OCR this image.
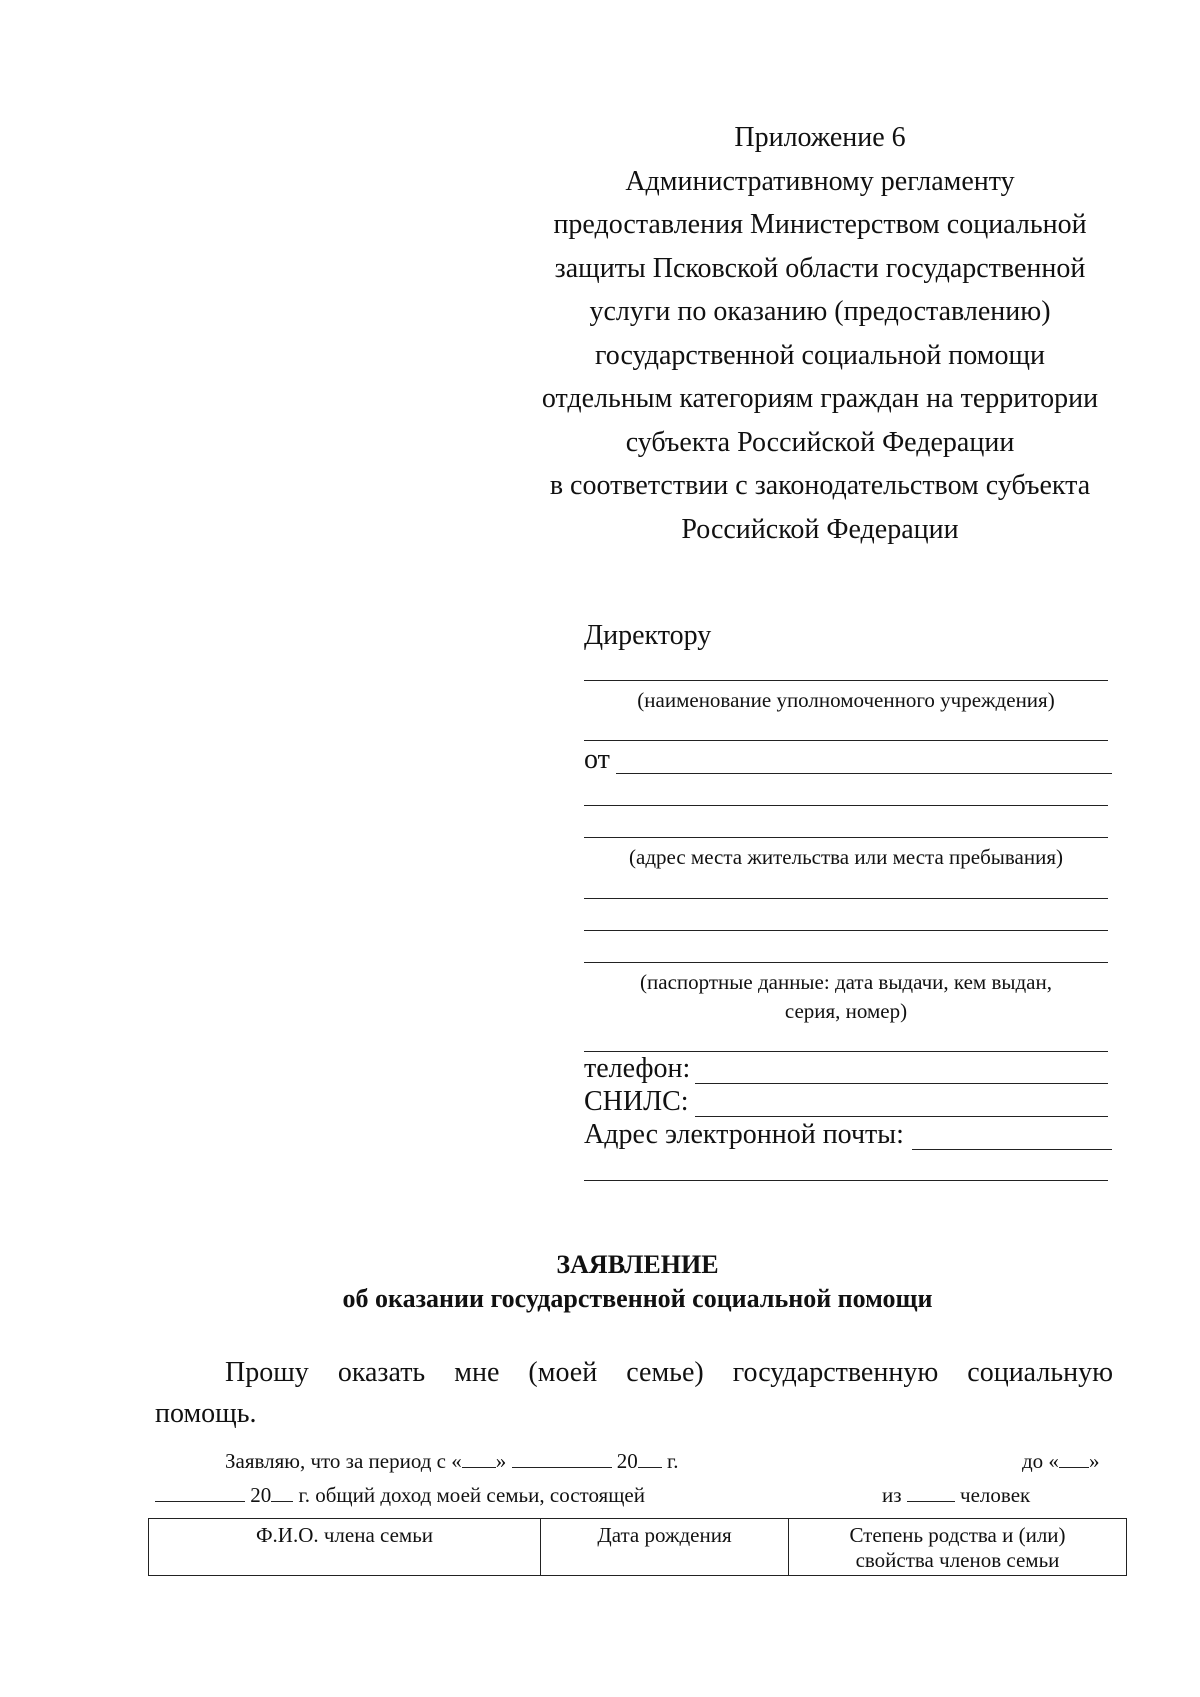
Приложение 6
Административному регламенту
предоставления Министерством социальной
защиты Псковской области государственной
услуги по оказанию (предоставлению)
государственной социальной помощи
отдельным категориям граждан на территории
субъекта Российской Федерации
в соответствии с законодательством субъекта
Российской Федерации
Директору
(наименование уполномоченного учреждения)
от
(адрес места жительства или места пребывания)
(паспортные данные: дата выдачи, кем выдан,
серия, номер)
телефон:
СНИЛС:
Адрес электронной почты:
ЗАЯВЛЕНИЕ
об оказании государственной социальной помощи
Прошу оказать мне (моей семье) государственную социальную
помощь.
Заявляю, что за период с « »	20 г.	до « »
20 г. общий доход моей семьи, состоящей	из	человек
Ф.И.О. члена семьи	Дата рождения	Степень родства и (или) свойства членов семьи
